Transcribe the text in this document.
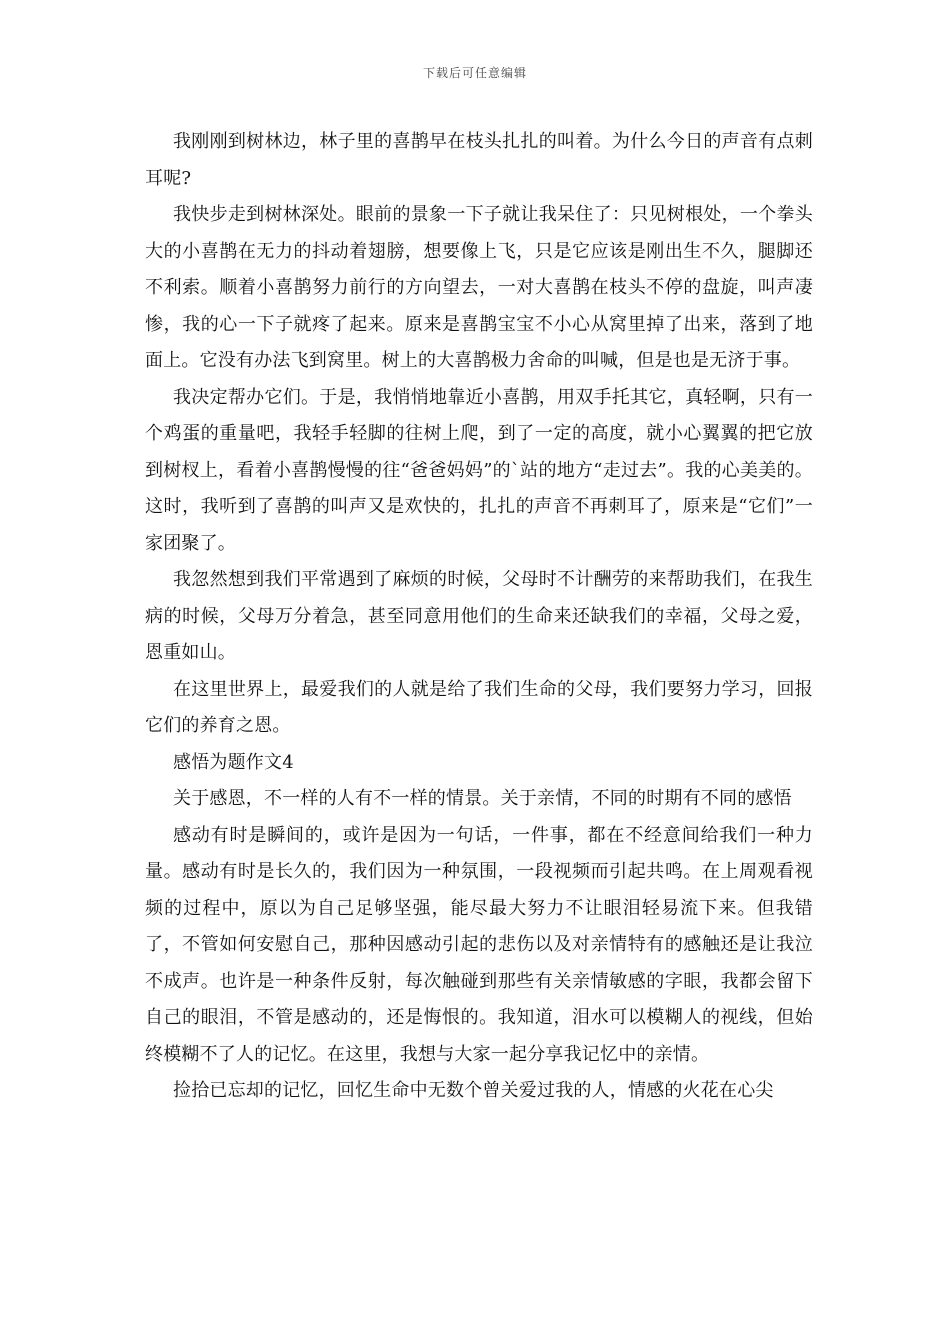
下载后可任意编辑

我刚刚到树林边，林子里的喜鹊早在枝头扎扎的叫着。为什么今日的声音有点刺耳呢?

我快步走到树林深处。眼前的景象一下子就让我呆住了：只见树根处，一个拳头大的小喜鹊在无力的抖动着翅膀，想要像上飞，只是它应该是刚出生不久，腿脚还不利索。顺着小喜鹊努力前行的方向望去，一对大喜鹊在枝头不停的盘旋，叫声凄惨，我的心一下子就疼了起来。原来是喜鹊宝宝不小心从窝里掉了出来，落到了地面上。它没有办法飞到窝里。树上的大喜鹊极力舍命的叫喊，但是也是无济于事。

我决定帮办它们。于是，我悄悄地靠近小喜鹊，用双手托其它，真轻啊，只有一个鸡蛋的重量吧，我轻手轻脚的往树上爬，到了一定的高度，就小心翼翼的把它放到树杈上，看着小喜鹊慢慢的往“爸爸妈妈”的`站的地方“走过去”。我的心美美的。这时，我听到了喜鹊的叫声又是欢快的，扎扎的声音不再刺耳了，原来是“它们”一家团聚了。

我忽然想到我们平常遇到了麻烦的时候，父母时不计酬劳的来帮助我们，在我生病的时候，父母万分着急，甚至同意用他们的生命来还缺我们的幸福，父母之爱，恩重如山。

在这里世界上，最爱我们的人就是给了我们生命的父母，我们要努力学习，回报它们的养育之恩。

感悟为题作文4

关于感恩，不一样的人有不一样的情景。关于亲情，不同的时期有不同的感悟

感动有时是瞬间的，或许是因为一句话，一件事，都在不经意间给我们一种力量。感动有时是长久的，我们因为一种氛围，一段视频而引起共鸣。在上周观看视频的过程中，原以为自己足够坚强，能尽最大努力不让眼泪轻易流下来。但我错了，不管如何安慰自己，那种因感动引起的悲伤以及对亲情特有的感触还是让我泣不成声。也许是一种条件反射，每次触碰到那些有关亲情敏感的字眼，我都会留下自己的眼泪，不管是感动的，还是悔恨的。我知道，泪水可以模糊人的视线，但始终模糊不了人的记忆。在这里，我想与大家一起分享我记忆中的亲情。

捡拾已忘却的记忆，回忆生命中无数个曾关爱过我的人，情感的火花在心尖
